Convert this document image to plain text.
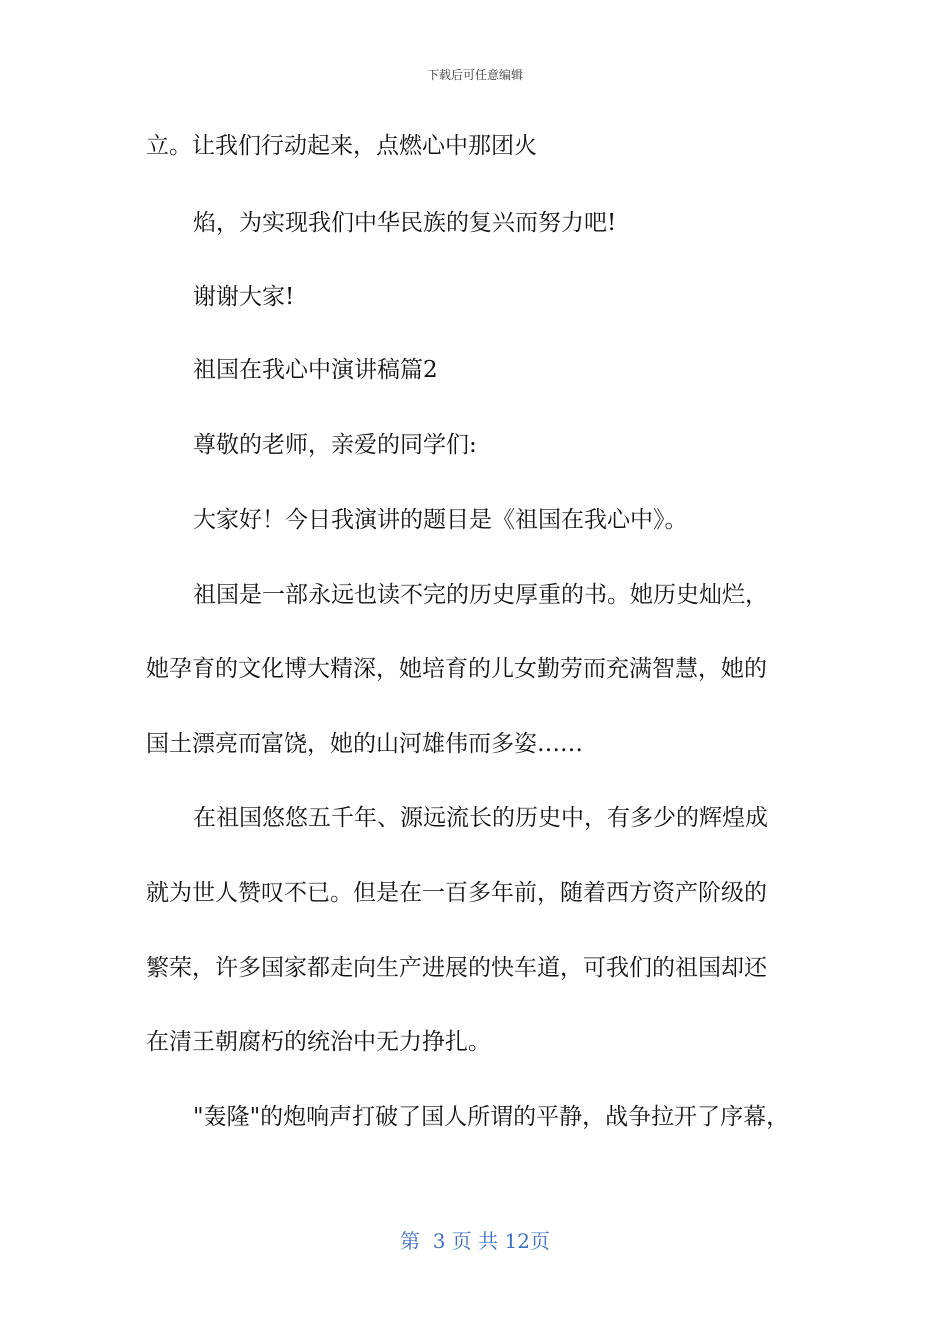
下载后可任意编辑
立。让我们行动起来，点燃心中那团火
焰，为实现我们中华民族的复兴而努力吧!
谢谢大家!
祖国在我心中演讲稿篇2
尊敬的老师，亲爱的同学们:
大家好！今日我演讲的题目是《祖国在我心中》。
祖国是一部永远也读不完的历史厚重的书。她历史灿烂，
她孕育的文化博大精深，她培育的儿女勤劳而充满智慧，她的
国土漂亮而富饶，她的山河雄伟而多姿……
在祖国悠悠五千年、源远流长的历史中，有多少的辉煌成
就为世人赞叹不已。但是在一百多年前，随着西方资产阶级的
繁荣，许多国家都走向生产进展的快车道，可我们的祖国却还
在清王朝腐朽的统治中无力挣扎。
"轰隆"的炮响声打破了国人所谓的平静，战争拉开了序幕，
第  3 页 共 12页
